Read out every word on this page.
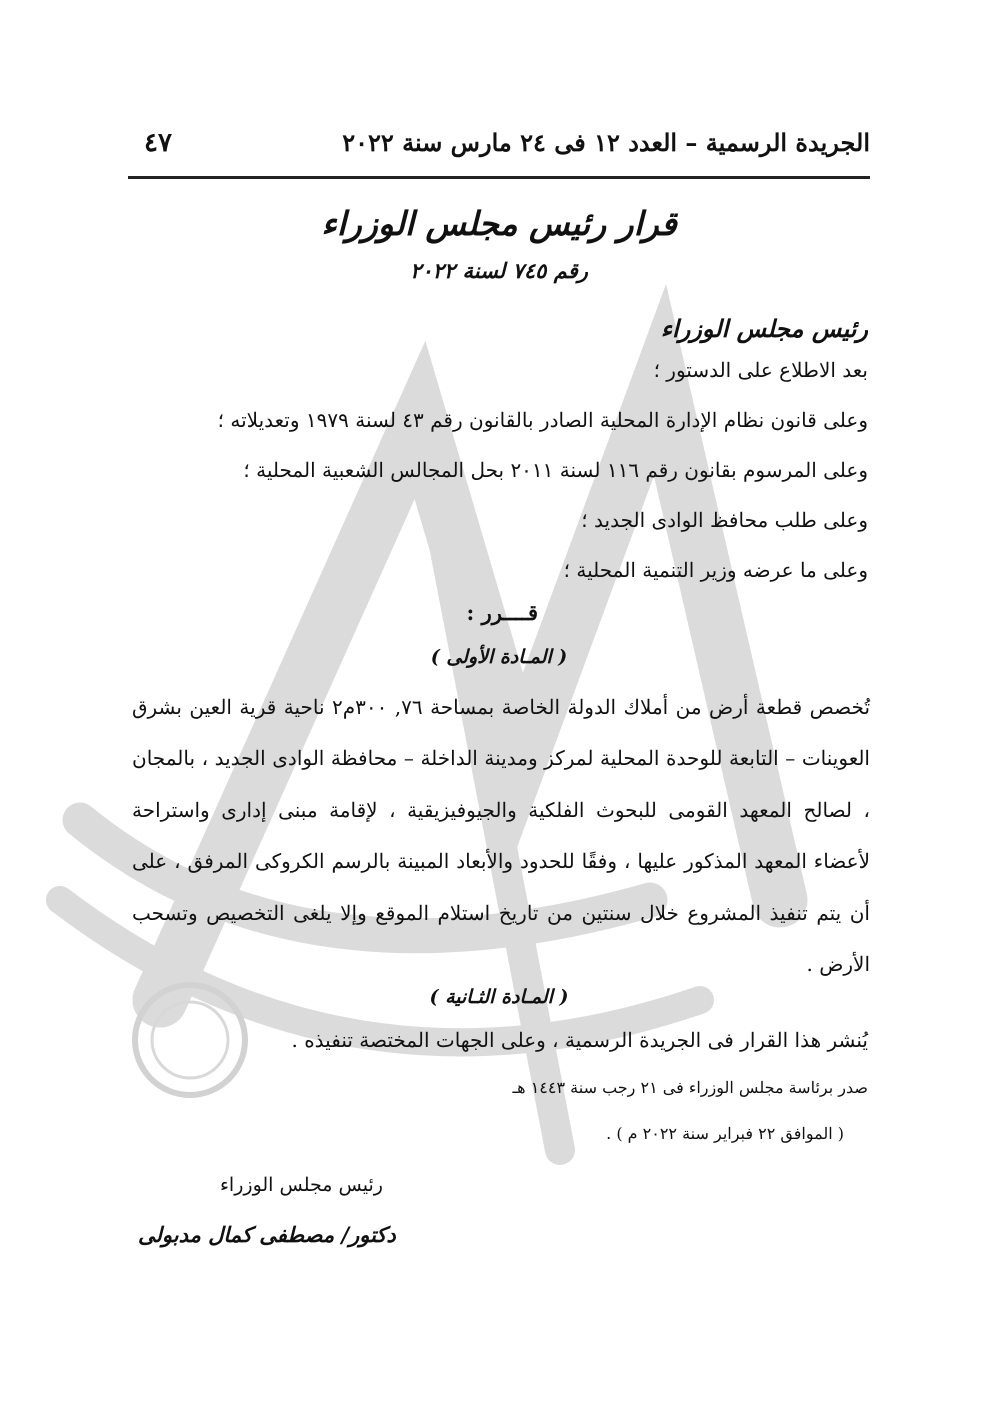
الجريدة الرسمية – العدد ١٢ فى ٢٤ مارس سنة ٢٠٢٢
٤٧
قرار رئيس مجلس الوزراء
رقم ٧٤٥ لسنة ٢٠٢٢
رئيس مجلس الوزراء
بعد الاطلاع على الدستور ؛
وعلى قانون نظام الإدارة المحلية الصادر بالقانون رقم ٤٣ لسنة ١٩٧٩ وتعديلاته ؛
وعلى المرسوم بقانون رقم ١١٦ لسنة ٢٠١١ بحل المجالس الشعبية المحلية ؛
وعلى طلب محافظ الوادى الجديد ؛
وعلى ما عرضه وزير التنمية المحلية ؛
قــــرر :
( المـادة الأولى )
تُخصص قطعة أرض من أملاك الدولة الخاصة بمساحة ٧٦, ٣٠٠م٢ ناحية قرية العين بشرق العوينات – التابعة للوحدة المحلية لمركز ومدينة الداخلة – محافظة الوادى الجديد ، بالمجان ، لصالح المعهد القومى للبحوث الفلكية والجيوفيزيقية ، لإقامة مبنى إدارى واستراحة لأعضاء المعهد المذكور عليها ، وفقًا للحدود والأبعاد المبينة بالرسم الكروكى المرفق ، على أن يتم تنفيذ المشروع خلال سنتين من تاريخ استلام الموقع وإلا يلغى التخصيص وتسحب الأرض .
( المـادة الثـانية )
يُنشر هذا القرار فى الجريدة الرسمية ، وعلى الجهات المختصة تنفيذه .
صدر برئاسة مجلس الوزراء فى ٢١ رجب سنة ١٤٤٣ هـ
( الموافق ٢٢ فبراير سنة ٢٠٢٢ م ) .
رئيس مجلس الوزراء
دكتور/ مصطفى كمال مدبولى
